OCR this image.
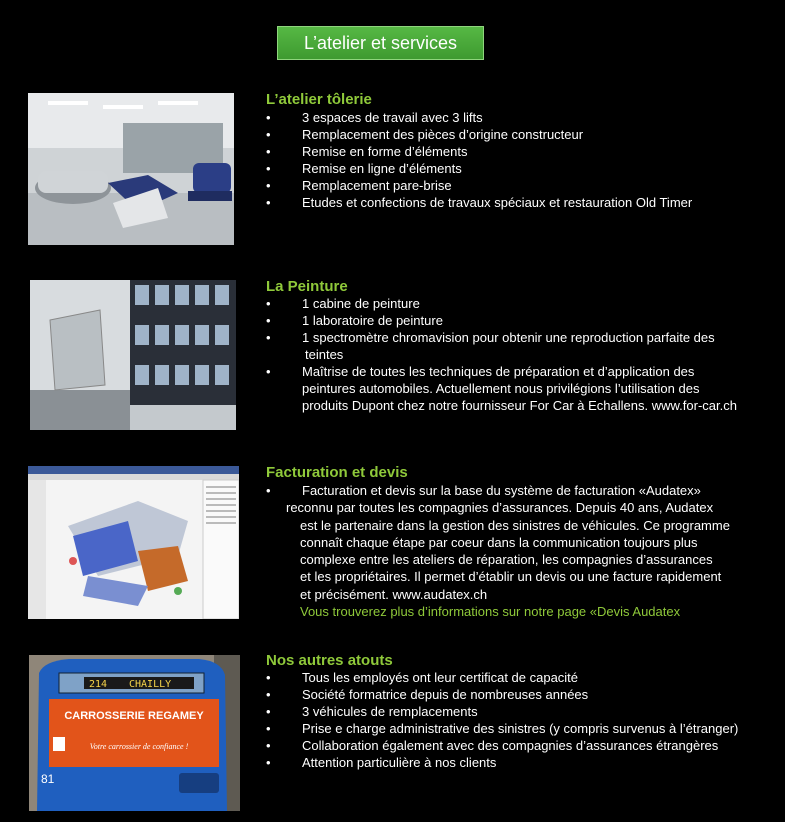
L’atelier et services
L’atelier tôlerie
• 3 espaces de travail avec 3 lifts
• Remplacement des pièces d’origine constructeur
• Remise en forme d’éléments
• Remise en ligne d’éléments
• Remplacement pare-brise
• Etudes et confections de travaux spéciaux et restauration Old Timer
La Peinture
• 1 cabine de peinture
• 1 laboratoire de peinture
• 1 spectromètre chromavision pour obtenir une reproduction parfaite des
teintes
• Maîtrise de toutes les techniques de préparation et d’application des
peintures automobiles. Actuellement nous privilégions l’utilisation des
produits Dupont chez notre fournisseur For Car à Echallens. www.for-car.ch
Facturation et devis
• Facturation et devis sur la base du système de facturation «Audatex»
reconnu par toutes les compagnies d’assurances. Depuis 40 ans, Audatex
est le partenaire dans la gestion des sinistres de véhicules. Ce programme
connaît chaque étape par coeur dans la communication toujours plus
complexe entre les ateliers de réparation, les compagnies d’assurances
et les propriétaires. Il permet d’établir un devis ou une facture rapidement
et précisément. www.audatex.ch
Vous trouverez plus d’informations sur notre page «Devis Audatex
214 CHAILLY
CARROSSERIE REGAMEY
Votre carrossier de confiance !
81
Nos autres atouts
• Tous les employés ont leur certificat de capacité
• Société formatrice depuis de nombreuses années
• 3 véhicules de remplacements
• Prise e charge administrative des sinistres (y compris survenus à l’étranger)
• Collaboration également avec des compagnies d’assurances étrangères
• Attention particulière à nos clients
